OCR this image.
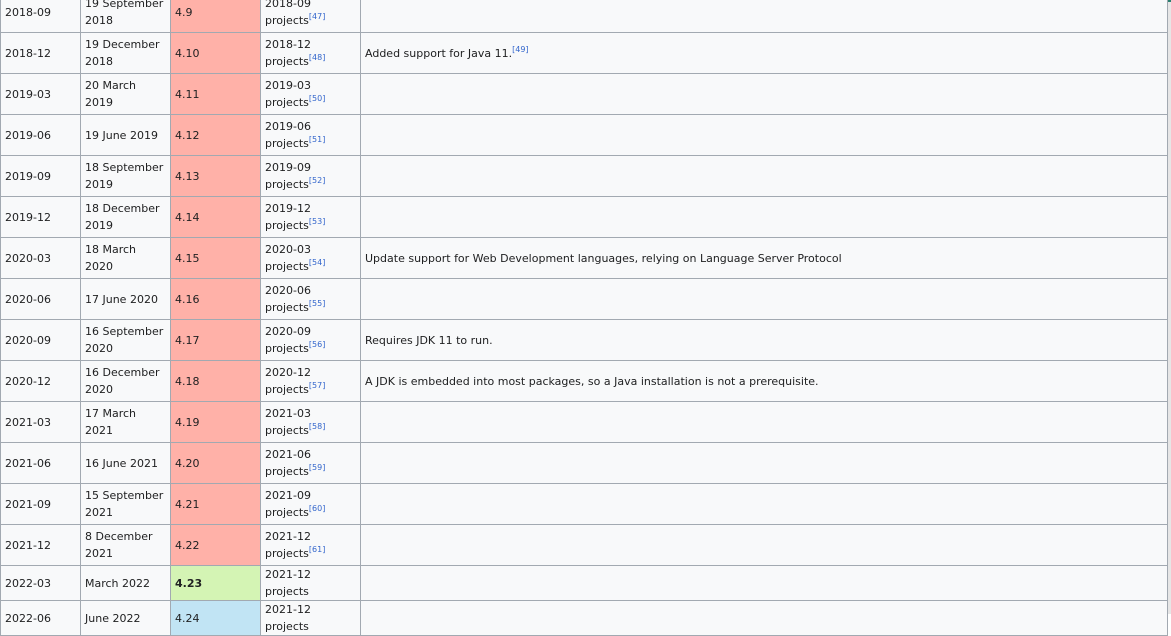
2018-09	19 September 2018	4.9	2018-09 projects[47]	
2018-12	19 December 2018	4.10	2018-12 projects[48]	Added support for Java 11.[49]
2019-03	20 March 2019	4.11	2019-03 projects[50]	
2019-06	19 June 2019	4.12	2019-06 projects[51]	
2019-09	18 September 2019	4.13	2019-09 projects[52]	
2019-12	18 December 2019	4.14	2019-12 projects[53]	
2020-03	18 March 2020	4.15	2020-03 projects[54]	Update support for Web Development languages, relying on Language Server Protocol
2020-06	17 June 2020	4.16	2020-06 projects[55]	
2020-09	16 September 2020	4.17	2020-09 projects[56]	Requires JDK 11 to run.
2020-12	16 December 2020	4.18	2020-12 projects[57]	A JDK is embedded into most packages, so a Java installation is not a prerequisite.
2021-03	17 March 2021	4.19	2021-03 projects[58]	
2021-06	16 June 2021	4.20	2021-06 projects[59]	
2021-09	15 September 2021	4.21	2021-09 projects[60]	
2021-12	8 December 2021	4.22	2021-12 projects[61]	
2022-03	March 2022	4.23	2021-12 projects	
2022-06	June 2022	4.24	2021-12 projects	
